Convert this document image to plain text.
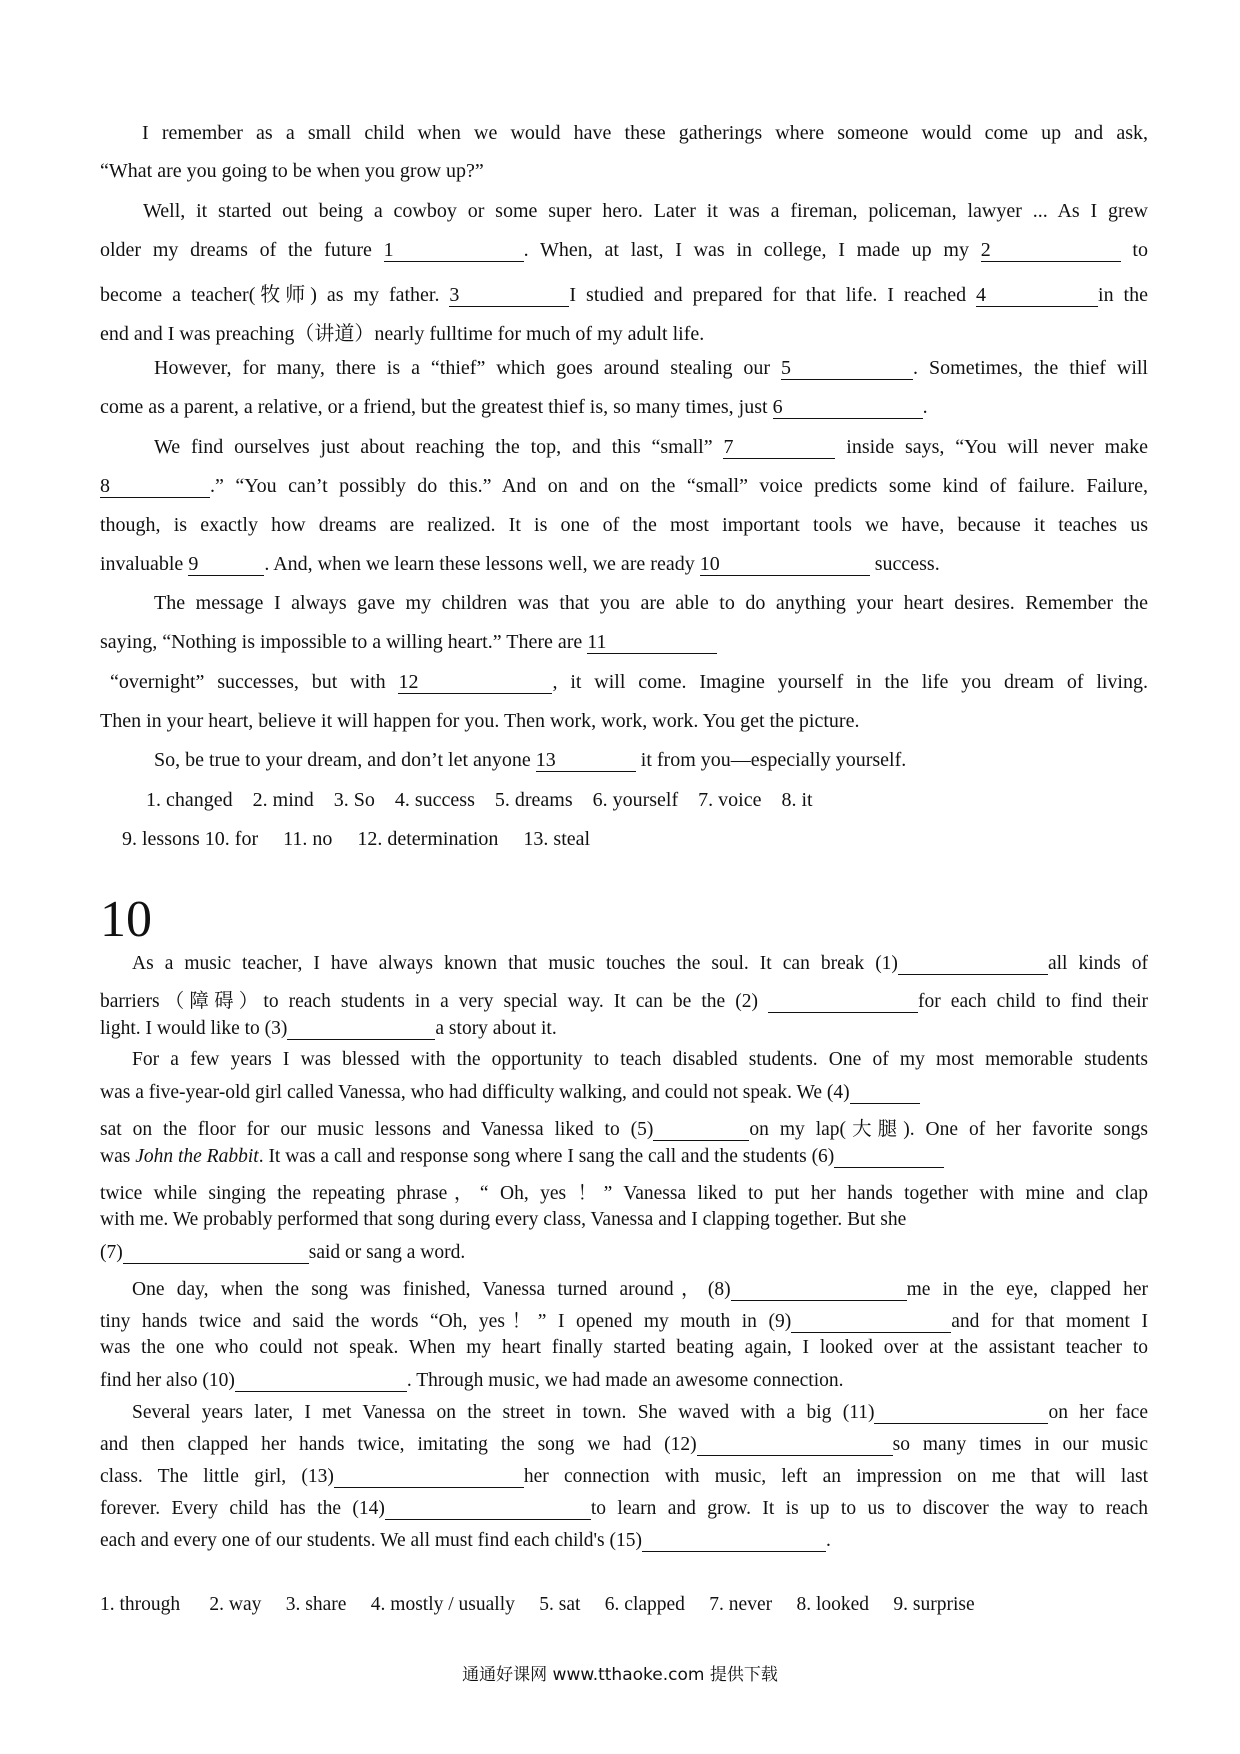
I remember as a small child when we would have these gatherings where someone would come up and ask,
“What are you going to be when you grow up?”
Well, it started out being a cowboy or some super hero. Later it was a fireman, policeman, lawyer ... As I grew
older my dreams of the future 1	. When, at last, I was in college, I made up my 2	to
become a teacher(牧师) as my father. 3	I studied and prepared for that life. I reached 4	in the
end and I was preaching（讲道）nearly fulltime for much of my adult life.
However, for many, there is a “thief” which goes around stealing our 5	. Sometimes, the thief will
come as a parent, a relative, or a friend, but the greatest thief is, so many times, just 6	.
We find ourselves just about reaching the top, and this “small” 7	inside says, “You will never make
8	.” “You can’t possibly do this.” And on and on the “small” voice predicts some kind of failure. Failure,
though, is exactly how dreams are realized. It is one of the most important tools we have, because it teaches us
invaluable 9	. And, when we learn these lessons well, we are ready 10	success.
The message I always gave my children was that you are able to do anything your heart desires. Remember the
saying, “Nothing is impossible to a willing heart.” There are 11
“overnight” successes, but with 12	, it will come. Imagine yourself in the life you dream of living.
Then in your heart, believe it will happen for you. Then work, work, work. You get the picture.
So, be true to your dream, and don’t let anyone 13	it from you—especially yourself.
1. changed    2. mind    3. So    4. success    5. dreams    6. yourself    7. voice    8. it
9. lessons 10. for     11. no     12. determination     13. steal
10
As a music teacher, I have always known that music touches the soul. It can break (1)	all kinds of
barriers（障碍）to reach students in a very special way. It can be the (2)	for each child to find their
light. I would like to (3)	a story about it.
For a few years I was blessed with the opportunity to teach disabled students. One of my most memorable students
was a five-year-old girl called Vanessa, who had difficulty walking, and could not speak. We (4)
sat on the floor for our music lessons and Vanessa liked to (5)	on my lap(大腿). One of her favorite songs
was John the Rabbit. It was a call and response song where I sang the call and the students (6)
twice while singing the repeating phrase，“ Oh, yes ！” Vanessa liked to put her hands together with mine and clap
with me. We probably performed that song during every class, Vanessa and I clapping together. But she
(7)	said or sang a word.
One day, when the song was finished, Vanessa turned around，(8)	me in the eye, clapped her
tiny hands twice and said the words “Oh, yes！” I opened my mouth in (9)	and for that moment I
was the one who could not speak. When my heart finally started beating again, I looked over at the assistant teacher to
find her also (10)	. Through music, we had made an awesome connection.
Several years later, I met Vanessa on the street in town. She waved with a big (11)	on her face
and then clapped her hands twice, imitating the song we had (12)	so many times in our music
class. The little girl, (13)	her connection with music, left an impression on me that will last
forever. Every child has the (14)	to learn and grow. It is up to us to discover the way to reach
each and every one of our students. We all must find each child's (15)	.
1. through      2. way     3. share     4. mostly / usually     5. sat     6. clapped     7. never     8. looked     9. surprise
通通好课网 www.tthaoke.com 提供下载
